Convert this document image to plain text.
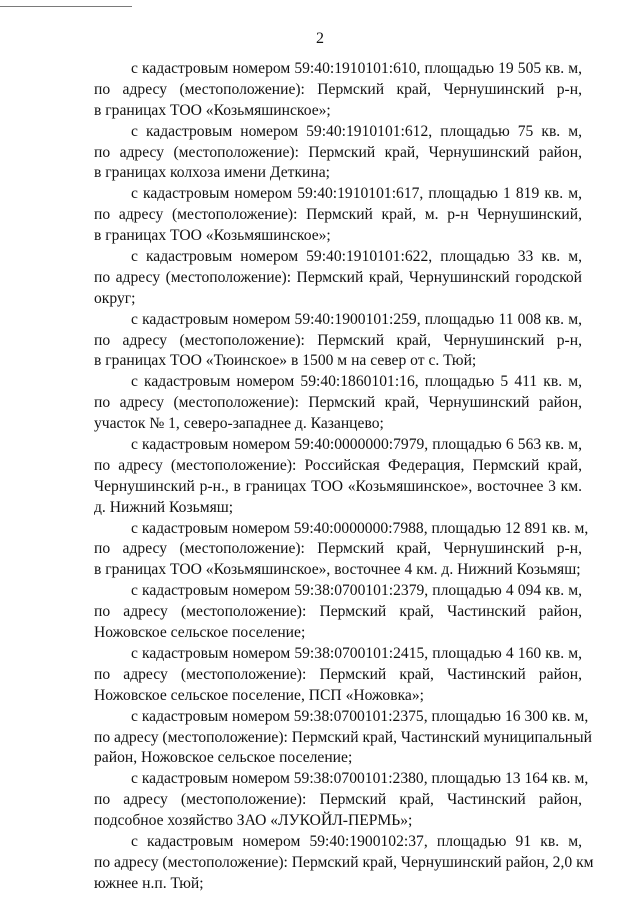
2
с кадастровым номером 59:40:1910101:610, площадью 19 505 кв. м,
по адресу (местоположение): Пермский край, Чернушинский р-н,
в границах ТОО «Козьмяшинское»;
с кадастровым номером 59:40:1910101:612, площадью 75 кв. м,
по адресу (местоположение): Пермский край, Чернушинский район,
в границах колхоза имени Деткина;
с кадастровым номером 59:40:1910101:617, площадью 1 819 кв. м,
по адресу (местоположение): Пермский край, м. р-н Чернушинский,
в границах ТОО «Козьмяшинское»;
с кадастровым номером 59:40:1910101:622, площадью 33 кв. м,
по адресу (местоположение): Пермский край, Чернушинский городской
округ;
с кадастровым номером 59:40:1900101:259, площадью 11 008 кв. м,
по адресу (местоположение): Пермский край, Чернушинский р-н,
в границах ТОО «Тюинское» в 1500 м на север от с. Тюй;
с кадастровым номером 59:40:1860101:16, площадью 5 411 кв. м,
по адресу (местоположение): Пермский край, Чернушинский район,
участок № 1, северо-западнее д. Казанцево;
с кадастровым номером 59:40:0000000:7979, площадью 6 563 кв. м,
по адресу (местоположение): Российская Федерация, Пермский край,
Чернушинский р-н., в границах ТОО «Козьмяшинское», восточнее 3 км.
д. Нижний Козьмяш;
с кадастровым номером 59:40:0000000:7988, площадью 12 891 кв. м,
по адресу (местоположение): Пермский край, Чернушинский р-н,
в границах ТОО «Козьмяшинское», восточнее 4 км. д. Нижний Козьмяш;
с кадастровым номером 59:38:0700101:2379, площадью 4 094 кв. м,
по адресу (местоположение): Пермский край, Частинский район,
Ножовское сельское поселение;
с кадастровым номером 59:38:0700101:2415, площадью 4 160 кв. м,
по адресу (местоположение): Пермский край, Частинский район,
Ножовское сельское поселение, ПСП «Ножовка»;
с кадастровым номером 59:38:0700101:2375, площадью 16 300 кв. м,
по адресу (местоположение): Пермский край, Частинский муниципальный
район, Ножовское сельское поселение;
с кадастровым номером 59:38:0700101:2380, площадью 13 164 кв. м,
по адресу (местоположение): Пермский край, Частинский район,
подсобное хозяйство ЗАО «ЛУКОЙЛ-ПЕРМЬ»;
с кадастровым номером 59:40:1900102:37, площадью 91 кв. м,
по адресу (местоположение): Пермский край, Чернушинский район, 2,0 км
южнее н.п. Тюй;
